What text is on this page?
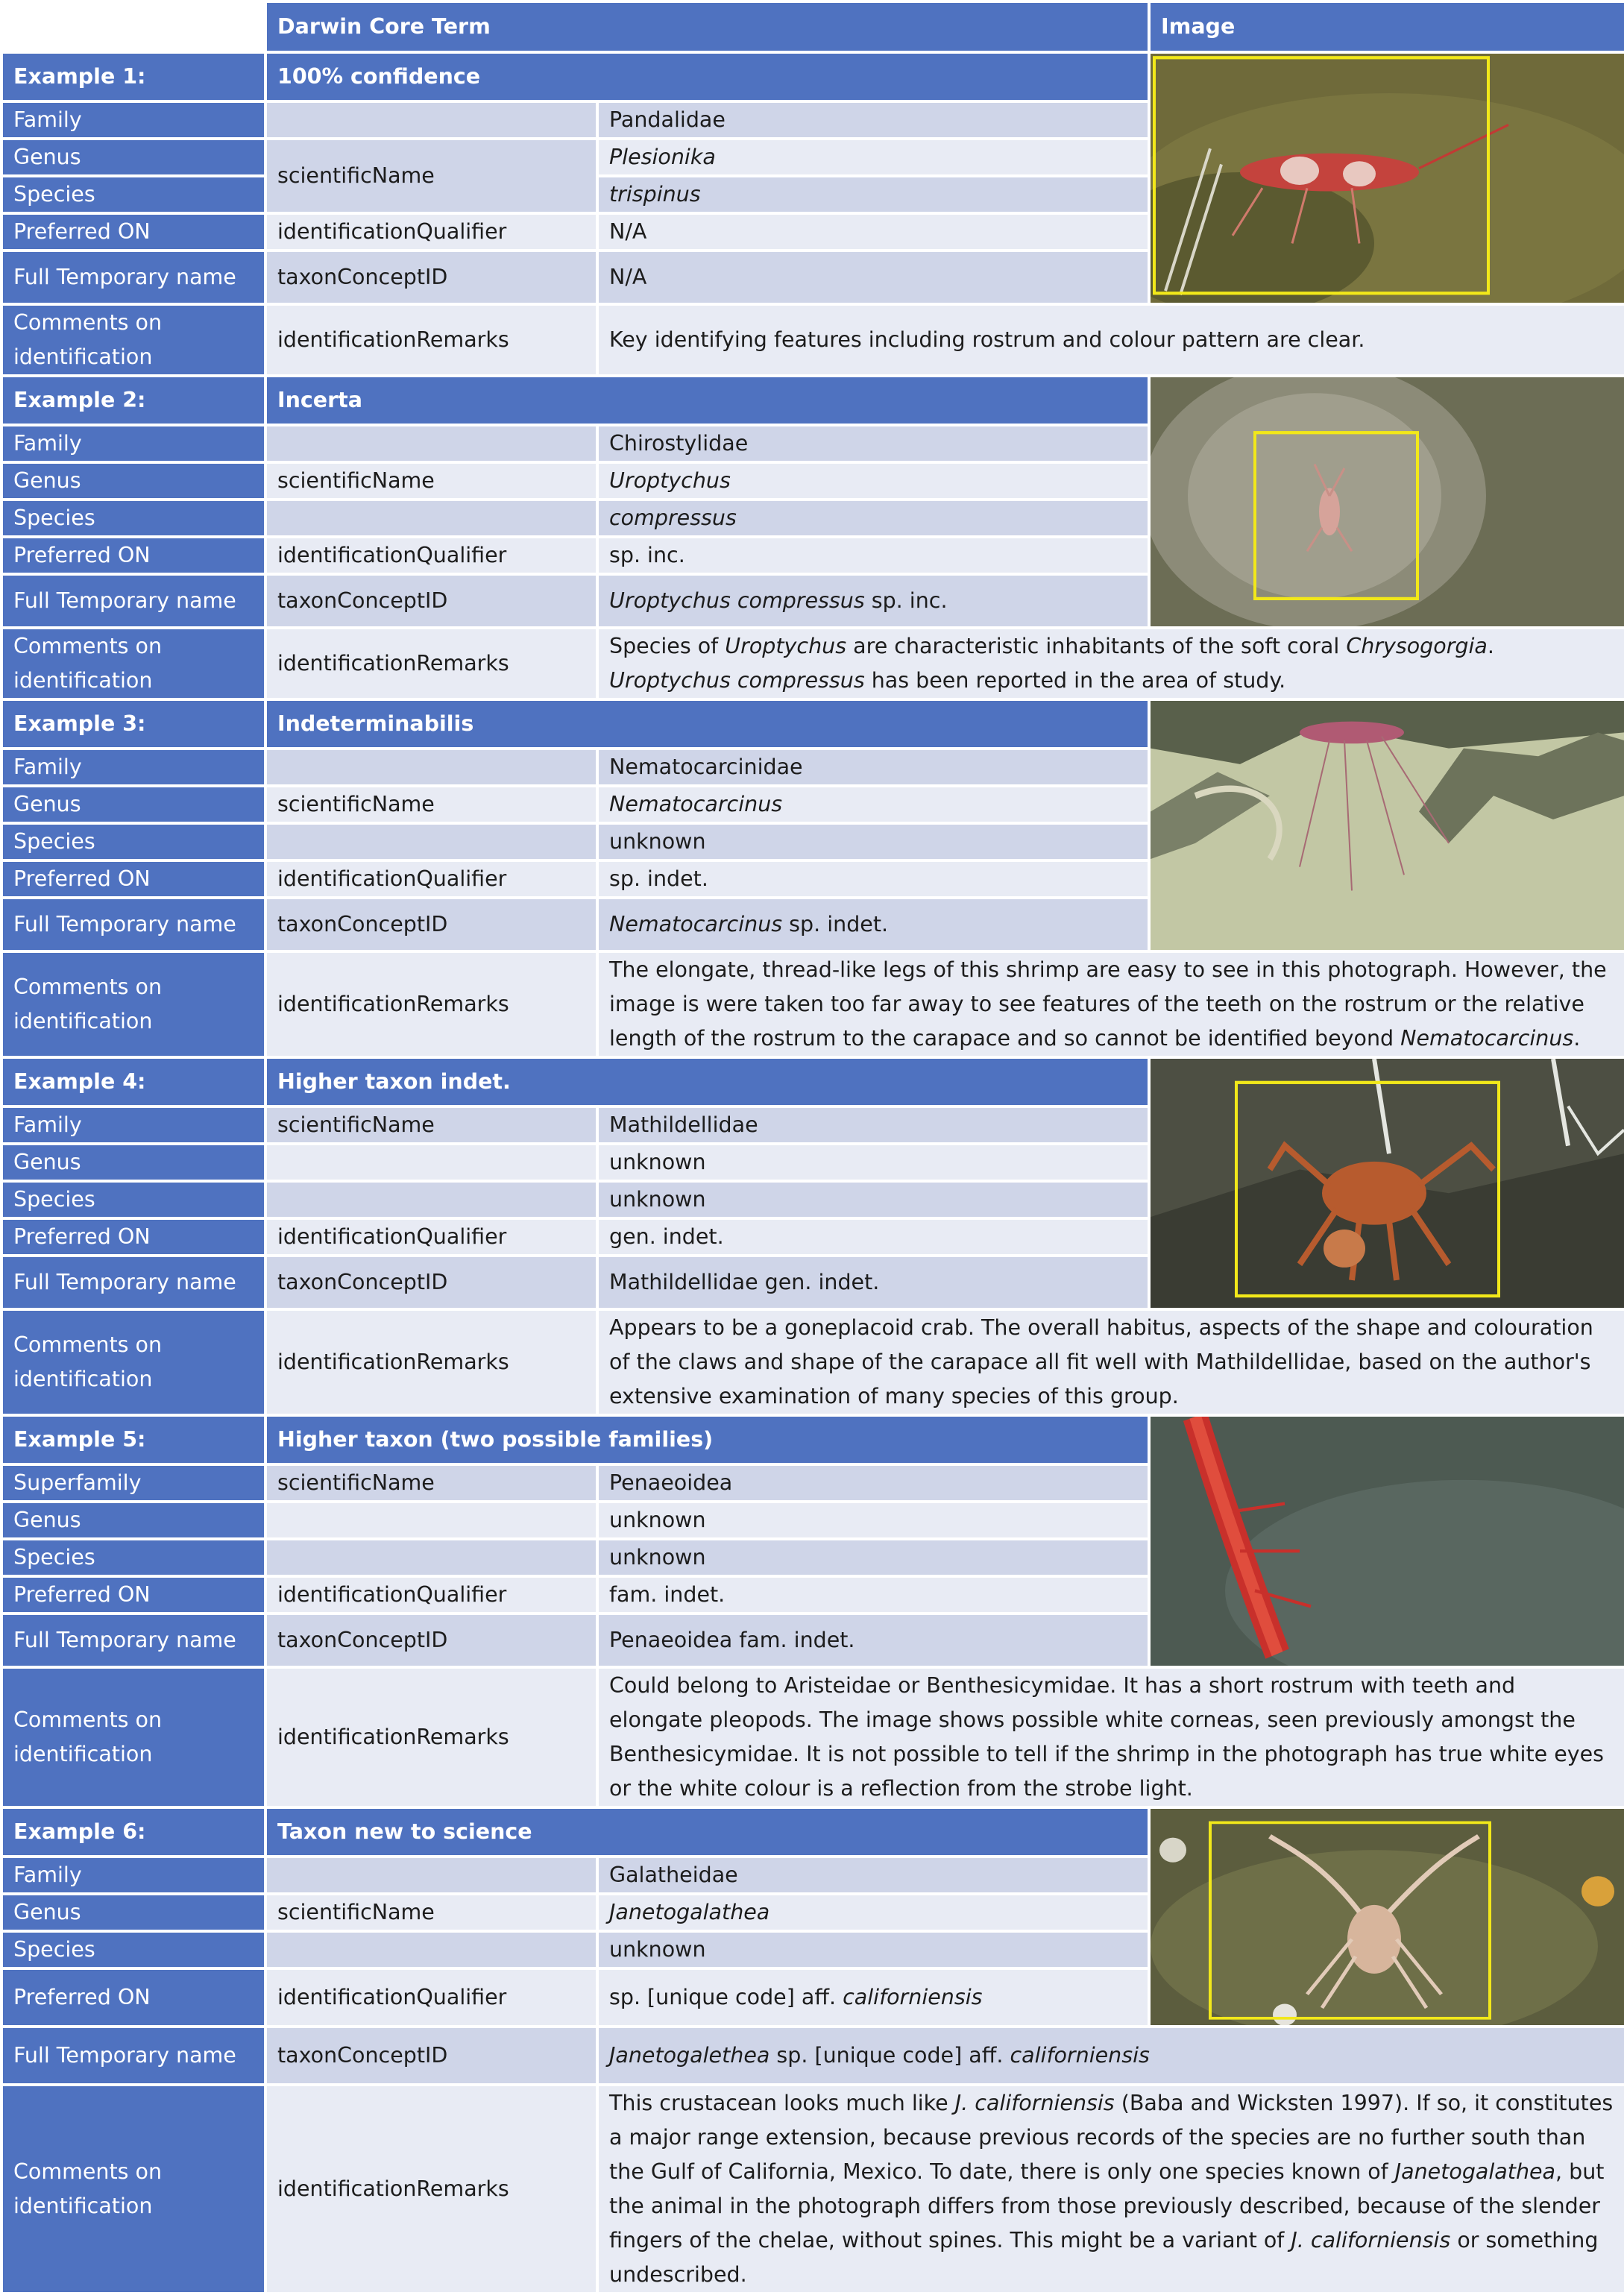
	Darwin Core Term		Image
Example 1:	100% confidence	

Family		Pandalidae	
Genus	scientificName	Plesionika	
Species		trispinus	
Preferred ON	identificationQualifier	N/A	
Full Temporary name	taxonConceptID	N/A	
Comments on identification	identificationRemarks	Key identifying features including rostrum and colour pattern are clear.	
Example 2:	Incerta	

Family		Chirostylidae	
Genus	scientificName	Uroptychus	
Species		compressus	
Preferred ON	identificationQualifier	sp. inc.	
Full Temporary name	taxonConceptID	Uroptychus compressus sp. inc.	
Comments on identification	identificationRemarks	Species of Uroptychus are characteristic inhabitants of the soft coral Chrysogorgia. Uroptychus compressus has been reported in the area of study.	
Example 3:	Indeterminabilis	

Family		Nematocarcinidae	
Genus	scientificName	Nematocarcinus	
Species		unknown	
Preferred ON	identificationQualifier	sp. indet.	
Full Temporary name	taxonConceptID	Nematocarcinus sp. indet.	
Comments on identification	identificationRemarks	The elongate, thread-like legs of this shrimp are easy to see in this photograph. However, the image is were taken too far away to see features of the teeth on the rostrum or the relative length of the rostrum to the carapace and so cannot be identified beyond Nematocarcinus.	
Example 4:	Higher taxon indet.	

Family	scientificName	Mathildellidae	
Genus		unknown	
Species		unknown	
Preferred ON	identificationQualifier	gen. indet.	
Full Temporary name	taxonConceptID	Mathildellidae gen. indet.	
Comments on identification	identificationRemarks	Appears to be a goneplacoid crab. The overall habitus, aspects of the shape and colouration of the claws and shape of the carapace all fit well with Mathildellidae, based on the author's extensive examination of many species of this group.	
Example 5:	Higher taxon (two possible families)	

Superfamily	scientificName	Penaeoidea	
Genus		unknown	
Species		unknown	
Preferred ON	identificationQualifier	fam. indet.	
Full Temporary name	taxonConceptID	Penaeoidea fam. indet.	
Comments on identification	identificationRemarks	Could belong to Aristeidae or Benthesicymidae. It has a short rostrum with teeth and elongate pleopods. The image shows possible white corneas, seen previously amongst the Benthesicymidae. It is not possible to tell if the shrimp in the photograph has true white eyes or the white colour is a reflection from the strobe light.	
Example 6:	Taxon new to science	

Family		Galatheidae	
Genus	scientificName	Janetogalathea	
Species		unknown	
Preferred ON	identificationQualifier	sp. [unique code] aff. californiensis	
Full Temporary name	taxonConceptID	Janetogalethea sp. [unique code] aff. californiensis	
Comments on identification	identificationRemarks	This crustacean looks much like J. californiensis (Baba and Wicksten 1997). If so, it constitutes a major range extension, because previous records of the species are no further south than the Gulf of California, Mexico. To date, there is only one species known of Janetogalathea, but the animal in the photograph differs from those previously described, because of the slender fingers of the chelae, without spines. This might be a variant of J. californiensis or something undescribed.	
